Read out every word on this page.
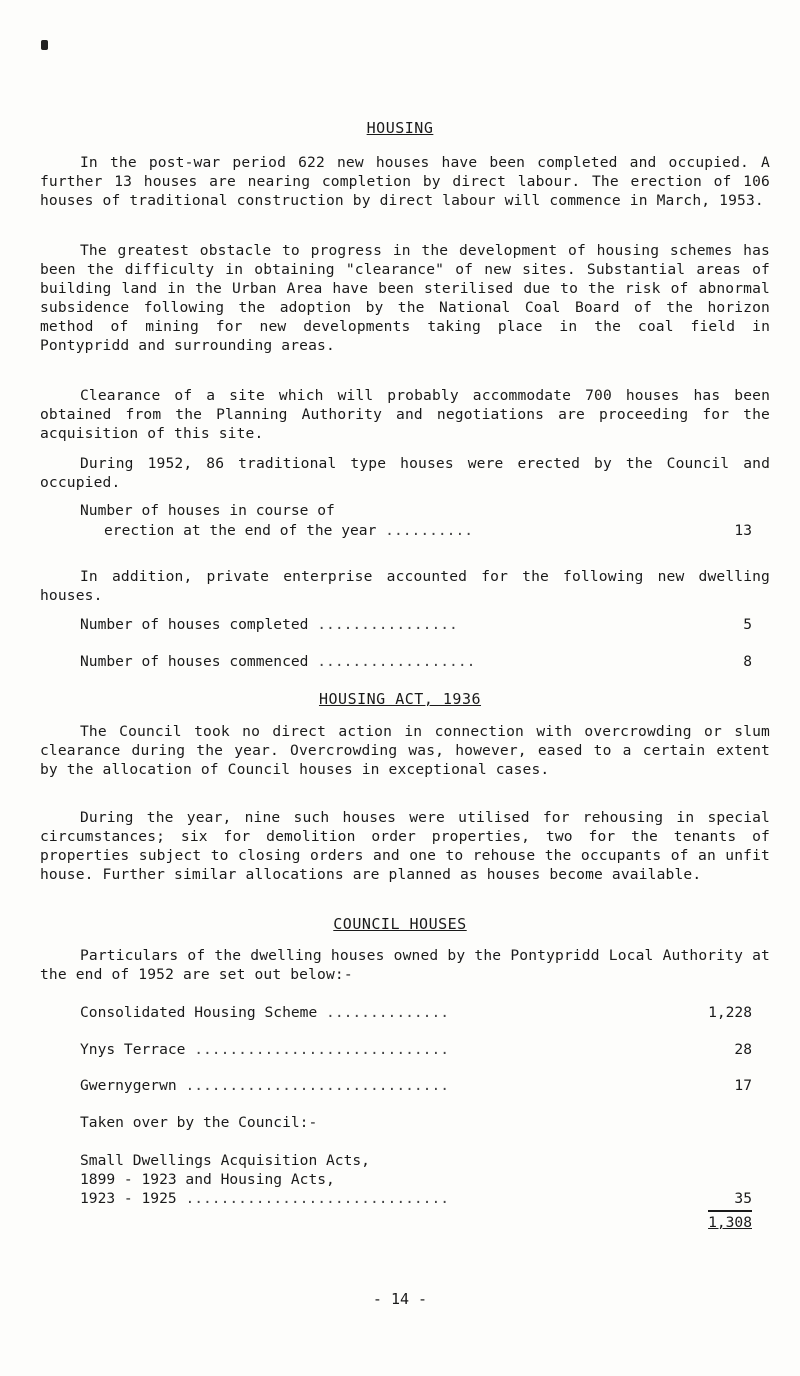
HOUSING

In the post-war period 622 new houses have been completed and occupied. A further 13 houses are nearing completion by direct labour. The erection of 106 houses of traditional construction by direct labour will commence in March, 1953.

The greatest obstacle to progress in the development of housing schemes has been the difficulty in obtaining "clearance" of new sites. Substantial areas of building land in the Urban Area have been sterilised due to the risk of abnormal subsidence following the adoption by the National Coal Board of the horizon method of mining for new developments taking place in the coal field in Pontypridd and surrounding areas.

Clearance of a site which will probably accommodate 700 houses has been obtained from the Planning Authority and negotiations are proceeding for the acquisition of this site.

During 1952, 86 traditional type houses were erected by the Council and occupied.

Number of houses in course of
erection at the end of the year ..........	13

In addition, private enterprise accounted for the following new dwelling houses.

Number of houses completed ................	5
Number of houses commenced ..................	8
HOUSING ACT, 1936

The Council took no direct action in connection with overcrowding or slum clearance during the year. Overcrowding was, however, eased to a certain extent by the allocation of Council houses in exceptional cases.

During the year, nine such houses were utilised for rehousing in special circumstances; six for demolition order properties, two for the tenants of properties subject to closing orders and one to rehouse the occupants of an unfit house. Further similar allocations are planned as houses become available.

COUNCIL HOUSES

Particulars of the dwelling houses owned by the Pontypridd Local Authority at the end of 1952 are set out below:-

Consolidated Housing Scheme ..............	1,228
Ynys Terrace .............................	28
Gwernygerwn ..............................	17
Taken over by the Council:-
Small Dwellings Acquisition Acts,
1899 - 1923 and Housing Acts,
1923 - 1925 ..............................	35
1,308
- 14 -
